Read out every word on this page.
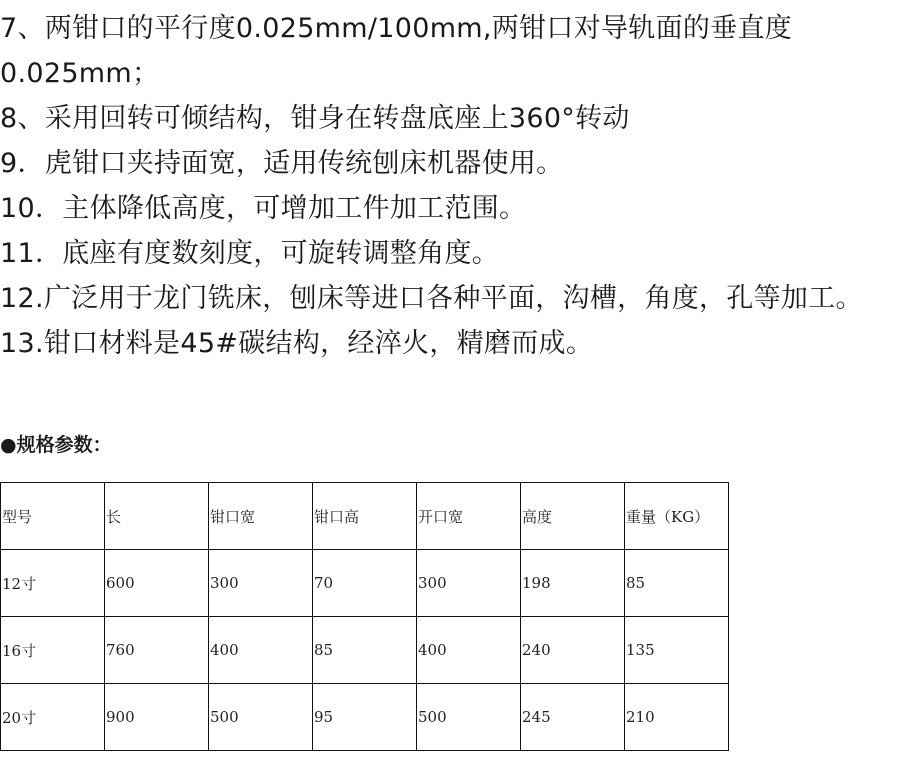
7、两钳口的平行度0.025mm/100mm,两钳口对导轨面的垂直度0.025mm；
8、采用回转可倾结构，钳身在转盘底座上360°转动
9．虎钳口夹持面宽，适用传统刨床机器使用。
10．主体降低高度，可增加工件加工范围。
11．底座有度数刻度，可旋转调整角度。
12.广泛用于龙门铣床，刨床等进口各种平面，沟槽，角度，孔等加工。
13.钳口材料是45#碳结构，经淬火，精磨而成。
●规格参数：
型号	长	钳口宽	钳口高	开口宽	高度	重量（KG）
12寸	600	300	70	300	198	85
16寸	760	400	85	400	240	135
20寸	900	500	95	500	245	210
